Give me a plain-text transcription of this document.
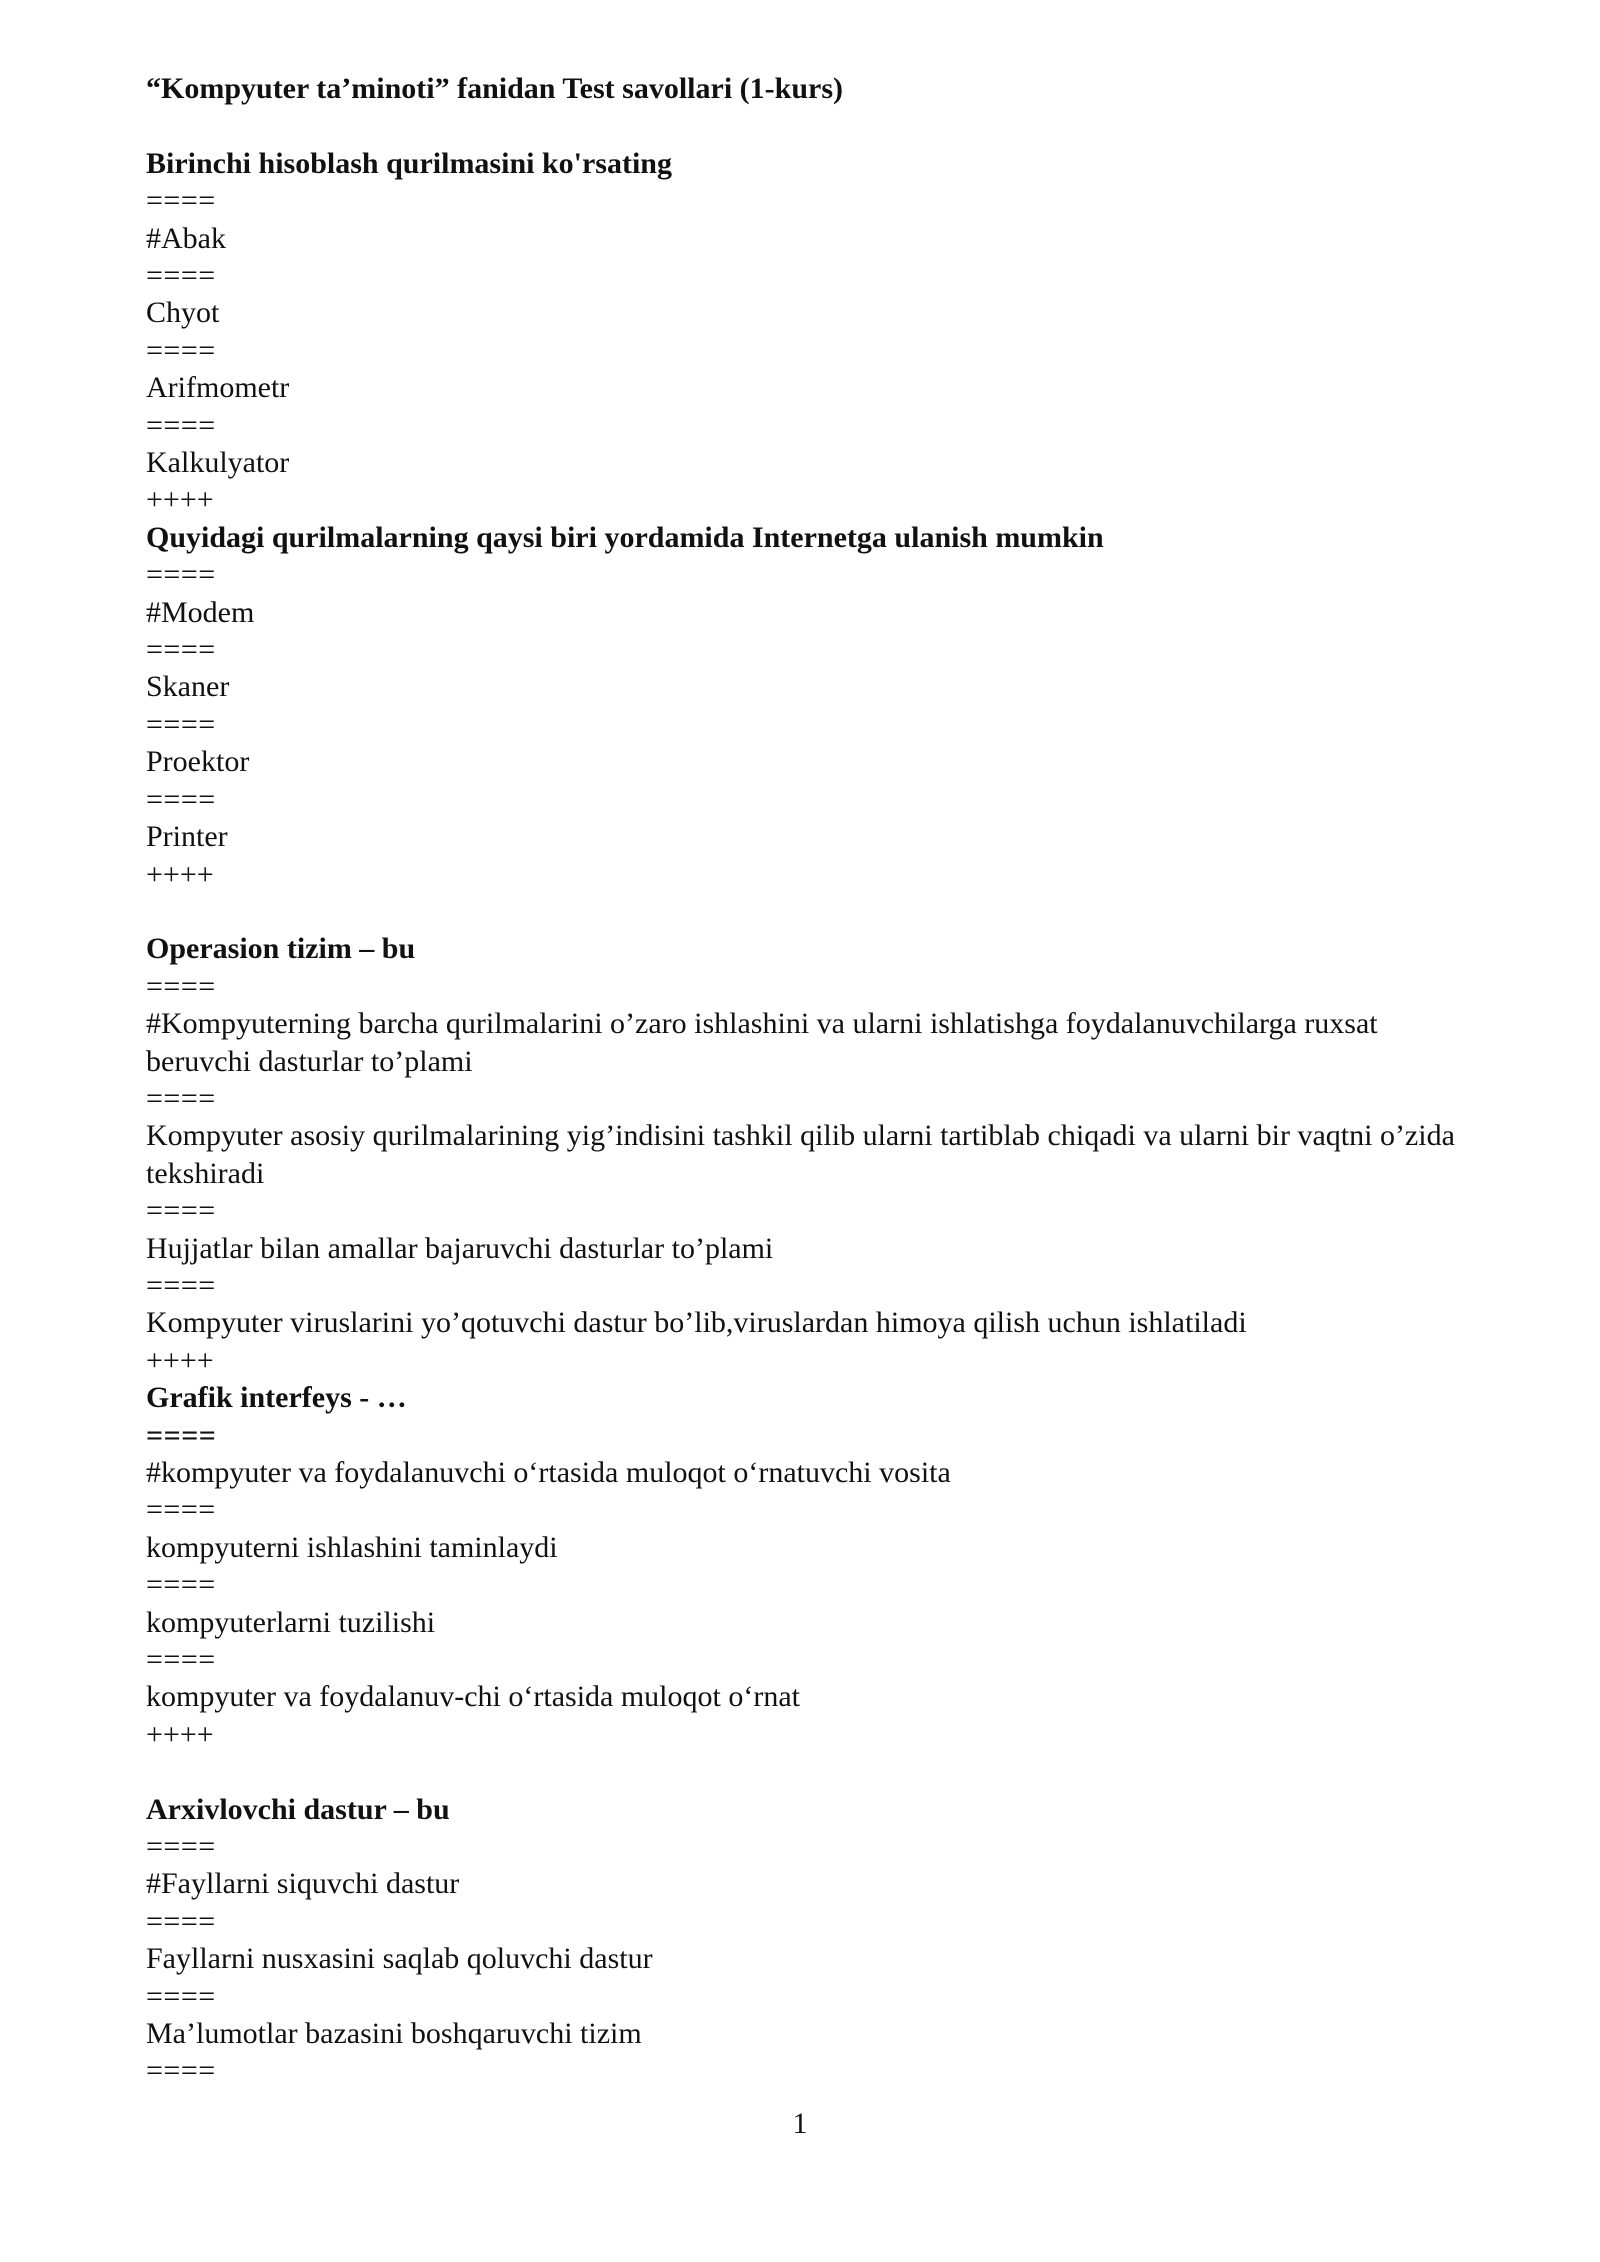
“Kompyuter ta’minoti” fanidan Test savollari (1-kurs)
Birinchi hisoblash qurilmasini ko'rsating
====
#Abak
====
Chyot
====
Arifmometr
====
Kalkulyator
++++
Quyidagi qurilmalarning qaysi biri yordamida Internetga ulanish mumkin
====
#Modem
====
Skaner
====
Proektor
====
Printer
++++
Operasion tizim – bu
====
#Kompyuterning barcha qurilmalarini o’zaro ishlashini va ularni ishlatishga foydalanuvchilarga ruxsat beruvchi dasturlar to’plami
====
Kompyuter asosiy qurilmalarining yig’indisini tashkil qilib ularni tartiblab chiqadi va ularni bir vaqtni o’zida tekshiradi
====
Hujjatlar bilan amallar bajaruvchi dasturlar to’plami
====
Kompyuter viruslarini yo’qotuvchi dastur bo’lib,viruslardan himoya qilish uchun ishlatiladi
++++
Grafik interfeys - …
====
#kompyuter va foydalanuvchi o‘rtasida muloqot o‘rnatuvchi vosita
====
kompyuterni ishlashini taminlaydi
====
kompyuterlarni tuzilishi
====
kompyuter va foydalanuv-chi o‘rtasida muloqot o‘rnat
++++
Arxivlovchi dastur – bu
====
#Fayllarni siquvchi dastur
====
Fayllarni nusxasini saqlab qoluvchi dastur
====
Ma’lumotlar bazasini boshqaruvchi tizim
====
1
